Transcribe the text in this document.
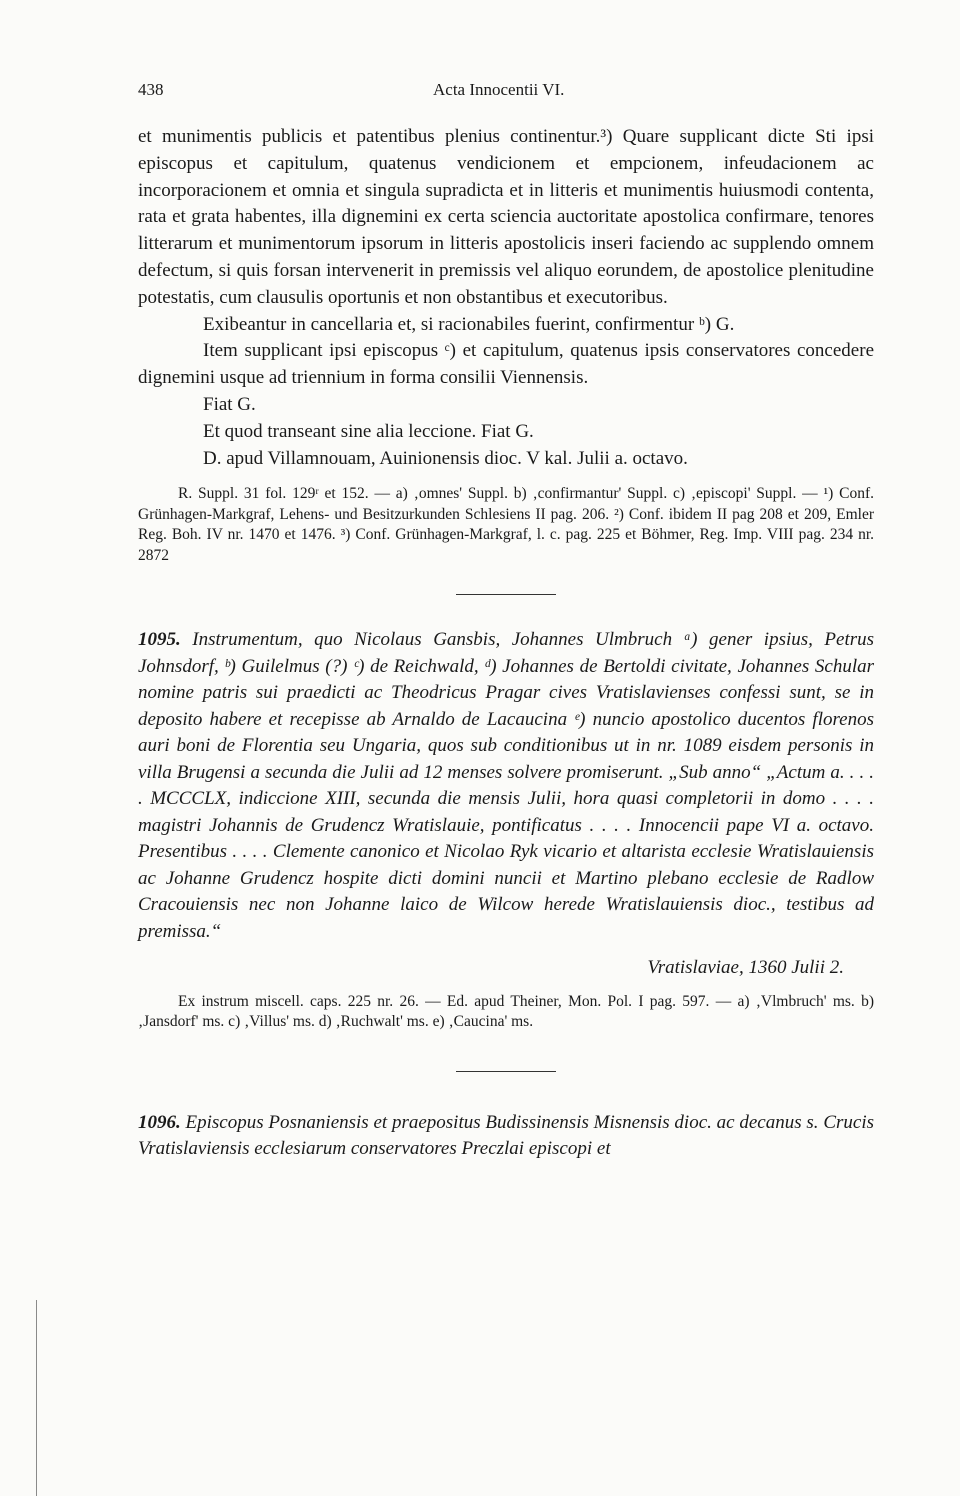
438	Acta Innocentii VI.

et munimentis publicis et patentibus plenius continentur.³) Quare supplicant dicte Sti ipsi episcopus et capitulum, quatenus vendicionem et empcionem, infeudacionem ac incorporacionem et omnia et singula supradicta et in litteris et munimentis huiusmodi contenta, rata et grata habentes, illa dignemini ex certa sciencia auctoritate apostolica confirmare, tenores litterarum et munimentorum ipsorum in litteris apostolicis inseri faciendo ac supplendo omnem defectum, si quis forsan intervenerit in premissis vel aliquo eorundem, de apostolice plenitudine potestatis, cum clausulis oportunis et non obstantibus et executoribus.

Exibeantur in cancellaria et, si racionabiles fuerint, confirmentur ᵇ) G.

Item supplicant ipsi episcopus ᶜ) et capitulum, quatenus ipsis conservatores concedere dignemini usque ad triennium in forma consilii Viennensis.

Fiat G.

Et quod transeant sine alia leccione. Fiat G.

D. apud Villamnouam, Auinionensis dioc. V kal. Julii a. octavo.

R. Suppl. 31 fol. 129ʳ et 152. — a) ‚omnes' Suppl. b) ‚confirmantur' Suppl. c) ‚episcopi' Suppl. — ¹) Conf. Grünhagen-Markgraf, Lehens- und Besitzurkunden Schlesiens II pag. 206. ²) Conf. ibidem II pag 208 et 209, Emler Reg. Boh. IV nr. 1470 et 1476. ³) Conf. Grünhagen-Markgraf, l. c. pag. 225 et Böhmer, Reg. Imp. VIII pag. 234 nr. 2872

1095. Instrumentum, quo Nicolaus Gansbis, Johannes Ulmbruch ᵃ) gener ipsius, Petrus Johnsdorf, ᵇ) Guilelmus (?) ᶜ) de Reichwald, ᵈ) Johannes de Bertoldi civitate, Johannes Schular nomine patris sui praedicti ac Theodricus Pragar cives Vratislavienses confessi sunt, se in deposito habere et recepisse ab Arnaldo de Lacaucina ᵉ) nuncio apostolico ducentos florenos auri boni de Florentia seu Ungaria, quos sub conditionibus ut in nr. 1089 eisdem personis in villa Brugensi a secunda die Julii ad 12 menses solvere promiserunt. „Sub anno“ „Actum a. . . . . MCCCLX, indiccione XIII, secunda die mensis Julii, hora quasi completorii in domo . . . . magistri Johannis de Grudencz Wratislauie, pontificatus . . . . Innocencii pape VI a. octavo. Presentibus . . . . Clemente canonico et Nicolao Ryk vicario et altarista ecclesie Wratislauiensis ac Johanne Grudencz hospite dicti domini nuncii et Martino plebano ecclesie de Radlow Cracouiensis nec non Johanne laico de Wilcow herede Wratislauiensis dioc., testibus ad premissa.“

Vratislaviae, 1360 Julii 2.

Ex instrum miscell. caps. 225 nr. 26. — Ed. apud Theiner, Mon. Pol. I pag. 597. — a) ‚Vlmbruch' ms. b) ‚Jansdorf' ms. c) ‚Villus' ms. d) ‚Ruchwalt' ms. e) ‚Caucina' ms.

1096. Episcopus Posnaniensis et praepositus Budissinensis Misnensis dioc. ac decanus s. Crucis Vratislaviensis ecclesiarum conservatores Preczlai episcopi et
